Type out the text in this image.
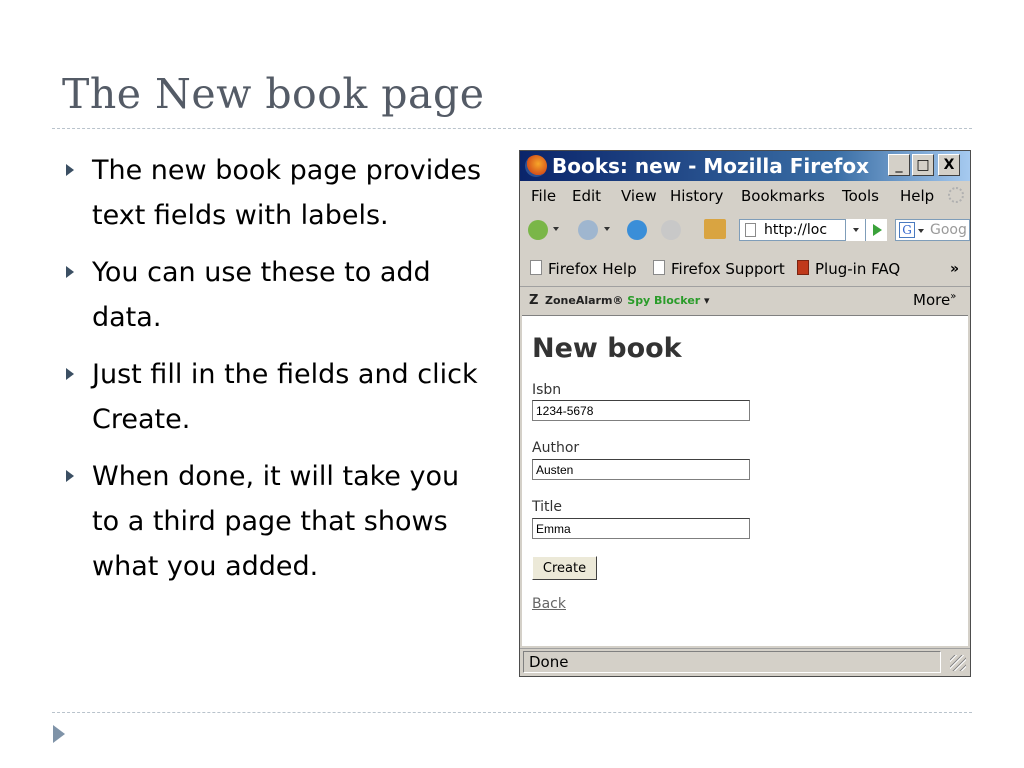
The New book page
The new book page provides text fields with labels.
You can use these to add data.
Just fill in the fields and click Create.
When done, it will take you to a third page that shows what you added.
Books: new - Mozilla Firefox	_ □ X
File Edit View History Bookmarks Tools Help
http://loc	G Goog
Firefox Help	Firefox Support	Plug-in FAQ	»
Z ZoneAlarm® Spy Blocker ▾	More»
New book
Isbn
1234-5678
Author
Austen
Title
Emma
Create
Back
Done
